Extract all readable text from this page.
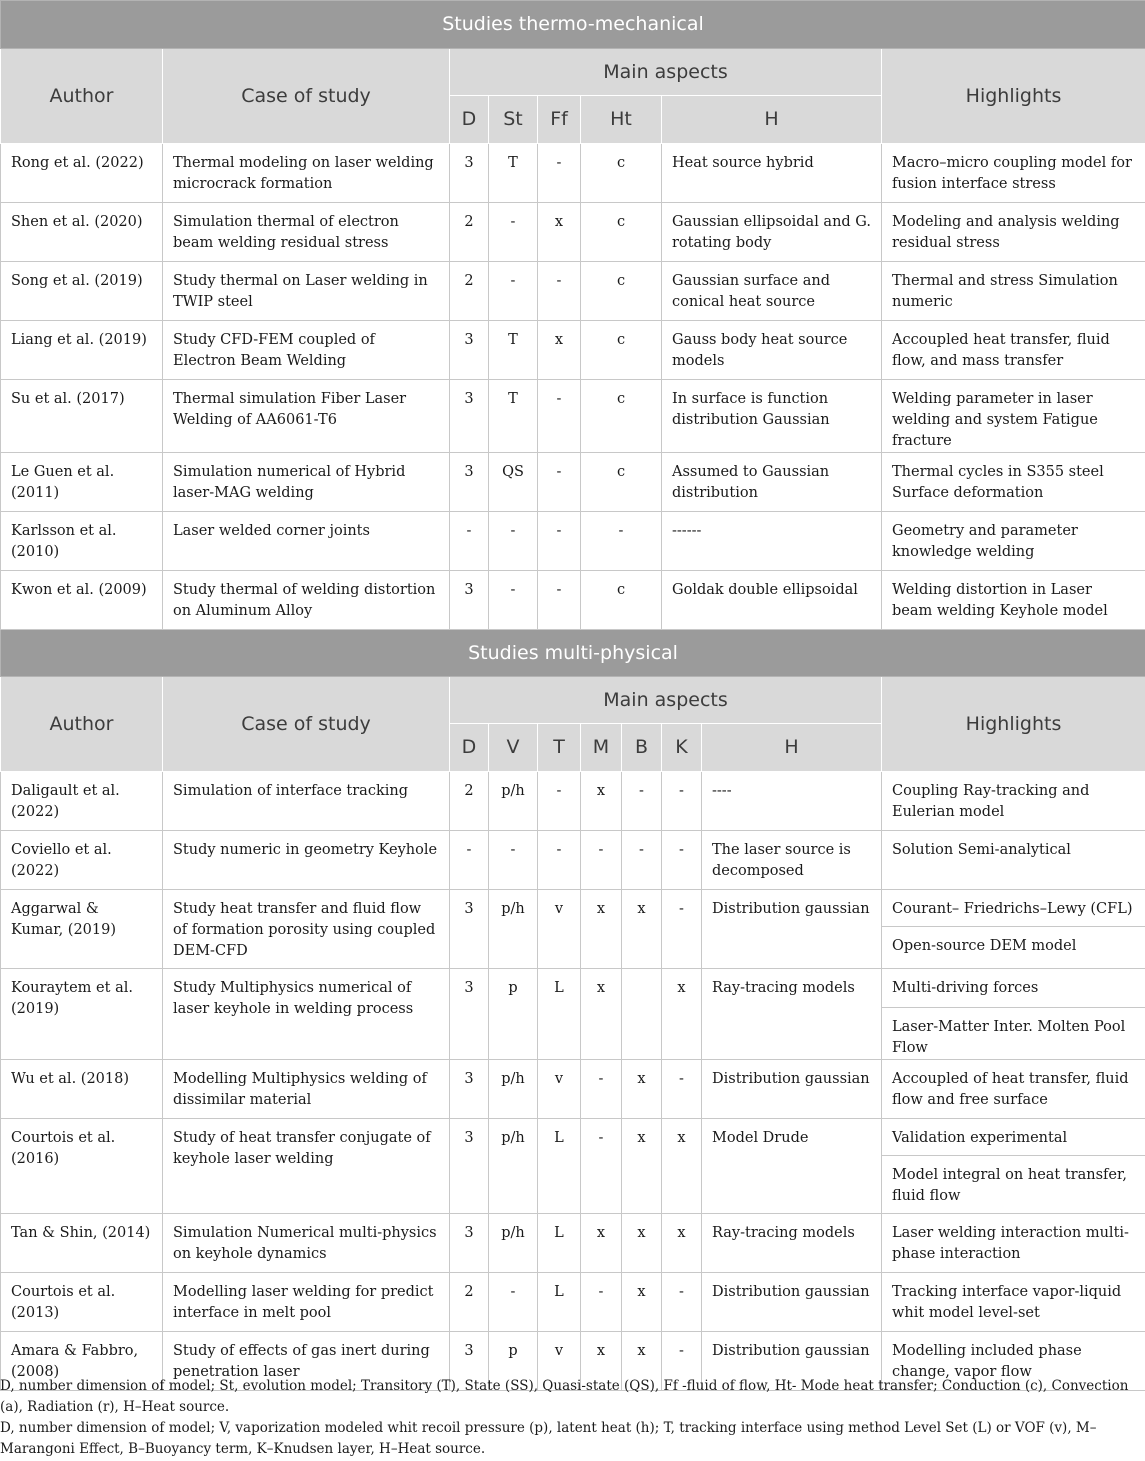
Studies thermo-mechanical									
Author	Case of study	Main aspects							Highlights
		D	St	Ff	Ht		H		
Rong et al. (2022)	Thermal modeling on laser welding microcrack formation	3	T	-	c		Heat source hybrid		Macro–micro coupling model for fusion interface stress
Shen et al. (2020)	Simulation thermal of electron beam welding residual stress	2	-	x	c		Gaussian ellipsoidal and G. rotating body		Modeling and analysis welding residual stress
Song et al. (2019)	Study thermal on Laser welding in TWIP steel	2	-	-	c		Gaussian surface and conical heat source		Thermal and stress Simulation numeric
Liang et al. (2019)	Study CFD-FEM coupled of Electron Beam Welding	3	T	x	c		Gauss body heat source models		Accoupled heat transfer, fluid flow, and mass transfer
Su et al. (2017)	Thermal simulation Fiber Laser Welding of AA6061-T6	3	T	-	c		In surface is function distribution Gaussian		Welding parameter in laser welding and system Fatigue fracture
Le Guen et al. (2011)	Simulation numerical of Hybrid laser-MAG welding	3	QS	-	c		Assumed to Gaussian distribution		Thermal cycles in S355 steel Surface deformation
Karlsson et al. (2010)	Laser welded corner joints	-	-	-	-		------		Geometry and parameter knowledge welding
Kwon et al. (2009)	Study thermal of welding distortion on Aluminum Alloy	3	-	-	c		Goldak double ellipsoidal		Welding distortion in Laser beam welding Keyhole model
Studies multi-physical									
Author	Case of study	Main aspects							Highlights
		D	V	T	M	B	K	H	
Daligault et al. (2022)	Simulation of interface tracking	2	p/h	-	x	-	-	----	Coupling Ray-tracking and Eulerian model
Coviello et al. (2022)	Study numeric in geometry Keyhole	-	-	-	-	-	-	The laser source is decomposed	Solution Semi-analytical
Aggarwal & Kumar, (2019)	Study heat transfer and fluid flow of formation porosity using coupled DEM-CFD	3	p/h	v	x	x	-	Distribution gaussian	Courant– Friedrichs–Lewy (CFL)
									Open-source DEM model
Kouraytem et al. (2019)	Study Multiphysics numerical of laser keyhole in welding process	3	p	L	x		x	Ray-tracing models	Multi-driving forces
									Laser-Matter Inter. Molten Pool Flow
Wu et al. (2018)	Modelling Multiphysics welding of dissimilar material	3	p/h	v	-	x	-	Distribution gaussian	Accoupled of heat transfer, fluid flow and free surface
Courtois et al. (2016)	Study of heat transfer conjugate of keyhole laser welding	3	p/h	L	-	x	x	Model Drude	Validation experimental
									Model integral on heat transfer, fluid flow
Tan & Shin, (2014)	Simulation Numerical multi-physics on keyhole dynamics	3	p/h	L	x	x	x	Ray-tracing models	Laser welding interaction multi-phase interaction
Courtois et al. (2013)	Modelling laser welding for predict interface in melt pool	2	-	L	-	x	-	Distribution gaussian	Tracking interface vapor-liquid whit model level-set
Amara & Fabbro, (2008)	Study of effects of gas inert during penetration laser	3	p	v	x	x	-	Distribution gaussian	Modelling included phase change, vapor flow

D, number dimension of model; St, evolution model; Transitory (T), State (SS), Quasi-state (QS), Ff -fluid of flow, Ht- Mode heat transfer; Conduction (c), Convection (a), Radiation (r), H–Heat source.

D, number dimension of model; V, vaporization modeled whit recoil pressure (p), latent heat (h); T, tracking interface using method Level Set (L) or VOF (v), M–Marangoni Effect, B–Buoyancy term, K–Knudsen layer, H–Heat source.
